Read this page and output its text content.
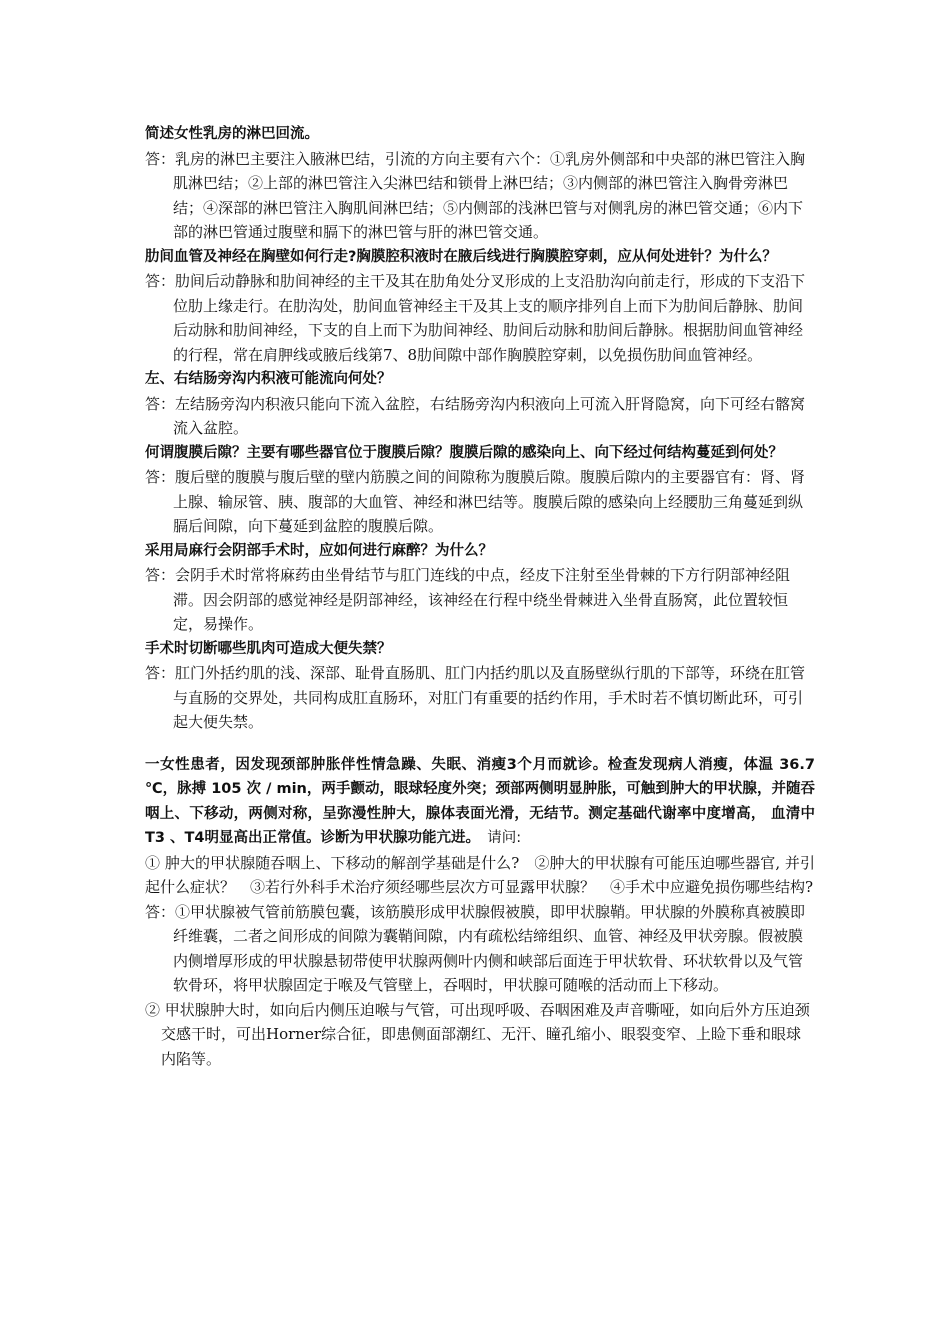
简述女性乳房的淋巴回流。

答：乳房的淋巴主要注入腋淋巴结，引流的方向主要有六个：①乳房外侧部和中央部的淋巴管注入胸肌淋巴结；②上部的淋巴管注入尖淋巴结和锁骨上淋巴结；③内侧部的淋巴管注入胸骨旁淋巴结；④深部的淋巴管注入胸肌间淋巴结；⑤内侧部的浅淋巴管与对侧乳房的淋巴管交通；⑥内下部的淋巴管通过腹壁和膈下的淋巴管与肝的淋巴管交通。

肋间血管及神经在胸壁如何行走?胸膜腔积液时在腋后线进行胸膜腔穿刺，应从何处进针？为什么？

答：肋间后动静脉和肋间神经的主干及其在肋角处分叉形成的上支沿肋沟向前走行，形成的下支沿下位肋上缘走行。在肋沟处，肋间血管神经主干及其上支的顺序排列自上而下为肋间后静脉、肋间后动脉和肋间神经，下支的自上而下为肋间神经、肋间后动脉和肋间后静脉。根据肋间血管神经的行程，常在肩胛线或腋后线第7、8肋间隙中部作胸膜腔穿刺，以免损伤肋间血管神经。

左、右结肠旁沟内积液可能流向何处？

答：左结肠旁沟内积液只能向下流入盆腔，右结肠旁沟内积液向上可流入肝肾隐窝，向下可经右髂窝流入盆腔。

何谓腹膜后隙？主要有哪些器官位于腹膜后隙？腹膜后隙的感染向上、向下经过何结构蔓延到何处？

答：腹后壁的腹膜与腹后壁的壁内筋膜之间的间隙称为腹膜后隙。腹膜后隙内的主要器官有：肾、肾上腺、输尿管、胰、腹部的大血管、神经和淋巴结等。腹膜后隙的感染向上经腰肋三角蔓延到纵膈后间隙，向下蔓延到盆腔的腹膜后隙。

采用局麻行会阴部手术时，应如何进行麻醉？为什么？

答：会阴手术时常将麻药由坐骨结节与肛门连线的中点，经皮下注射至坐骨棘的下方行阴部神经阻滞。因会阴部的感觉神经是阴部神经，该神经在行程中绕坐骨棘进入坐骨直肠窝，此位置较恒定，易操作。

手术时切断哪些肌肉可造成大便失禁？

答：肛门外括约肌的浅、深部、耻骨直肠肌、肛门内括约肌以及直肠壁纵行肌的下部等，环绕在肛管与直肠的交界处，共同构成肛直肠环，对肛门有重要的括约作用，手术时若不慎切断此环，可引起大便失禁。

一女性患者，因发现颈部肿胀伴性情急躁、失眠、消瘦3个月而就诊。检查发现病人消瘦，体温 36.7 ℃，脉搏 105 次 / min，两手颤动，眼球轻度外突；颈部两侧明显肿胀，可触到肿大的甲状腺，并随吞咽上、下移动，两侧对称，呈弥漫性肿大，腺体表面光滑，无结节。测定基础代谢率中度增高， 血清中 T3 、T4明显高出正常值。诊断为甲状腺功能亢进。　请问:

① 肿大的甲状腺随吞咽上、下移动的解剖学基础是什么?　②肿大的甲状腺有可能压迫哪些器官, 并引起什么症状？　③若行外科手术治疗须经哪些层次方可显露甲状腺？　④手术中应避免损伤哪些结构?

答：①甲状腺被气管前筋膜包囊，该筋膜形成甲状腺假被膜，即甲状腺鞘。甲状腺的外膜称真被膜即纤维囊，二者之间形成的间隙为囊鞘间隙，内有疏松结缔组织、血管、神经及甲状旁腺。假被膜内侧增厚形成的甲状腺悬韧带使甲状腺两侧叶内侧和峡部后面连于甲状软骨、环状软骨以及气管软骨环，将甲状腺固定于喉及气管壁上，吞咽时，甲状腺可随喉的活动而上下移动。

② 甲状腺肿大时，如向后内侧压迫喉与气管，可出现呼吸、吞咽困难及声音嘶哑，如向后外方压迫颈交感干时，可出Horner综合征，即患侧面部潮红、无汗、瞳孔缩小、眼裂变窄、上睑下垂和眼球内陷等。
